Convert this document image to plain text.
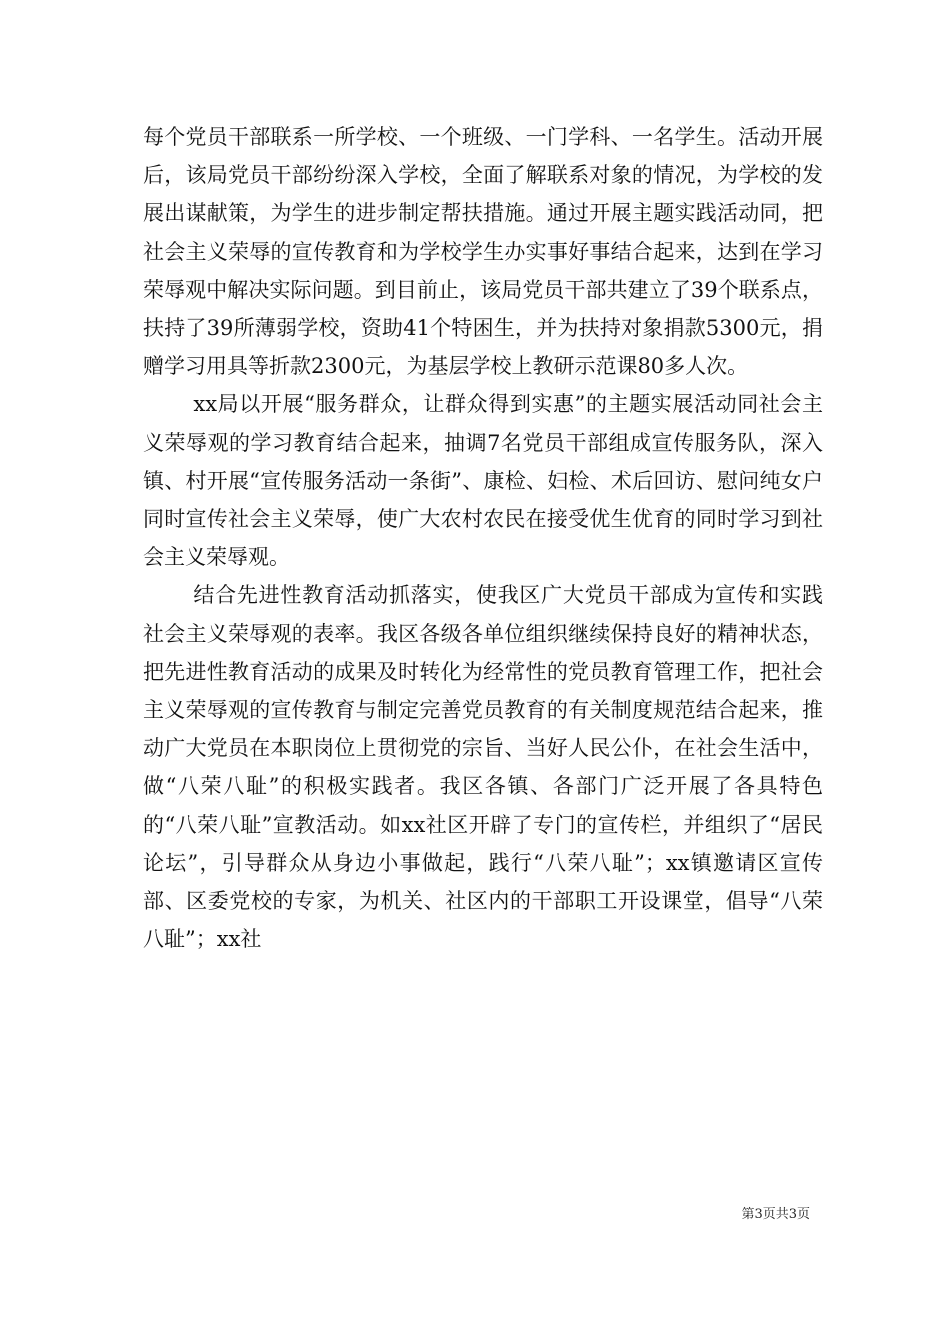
每个党员干部联系一所学校、一个班级、一门学科、一名学生。活动开展后，该局党员干部纷纷深入学校，全面了解联系对象的情况，为学校的发展出谋献策，为学生的进步制定帮扶措施。通过开展主题实践活动同，把社会主义荣辱的宣传教育和为学校学生办实事好事结合起来，达到在学习荣辱观中解决实际问题。到目前止，该局党员干部共建立了39个联系点，扶持了39所薄弱学校，资助41个特困生，并为扶持对象捐款5300元，捐赠学习用具等折款2300元，为基层学校上教研示范课80多人次。

xx局以开展“服务群众，让群众得到实惠”的主题实展活动同社会主义荣辱观的学习教育结合起来，抽调7名党员干部组成宣传服务队，深入镇、村开展“宣传服务活动一条街”、康检、妇检、术后回访、慰问纯女户同时宣传社会主义荣辱，使广大农村农民在接受优生优育的同时学习到社会主义荣辱观。

结合先进性教育活动抓落实，使我区广大党员干部成为宣传和实践社会主义荣辱观的表率。我区各级各单位组织继续保持良好的精神状态，把先进性教育活动的成果及时转化为经常性的党员教育管理工作，把社会主义荣辱观的宣传教育与制定完善党员教育的有关制度规范结合起来，推动广大党员在本职岗位上贯彻党的宗旨、当好人民公仆，在社会生活中，做“八荣八耻”的积极实践者。我区各镇、各部门广泛开展了各具特色的“八荣八耻”宣教活动。如xx社区开辟了专门的宣传栏，并组织了“居民论坛”，引导群众从身边小事做起，践行“八荣八耻”；xx镇邀请区宣传部、区委党校的专家，为机关、社区内的干部职工开设课堂，倡导“八荣八耻”；xx社

第3页共3页
